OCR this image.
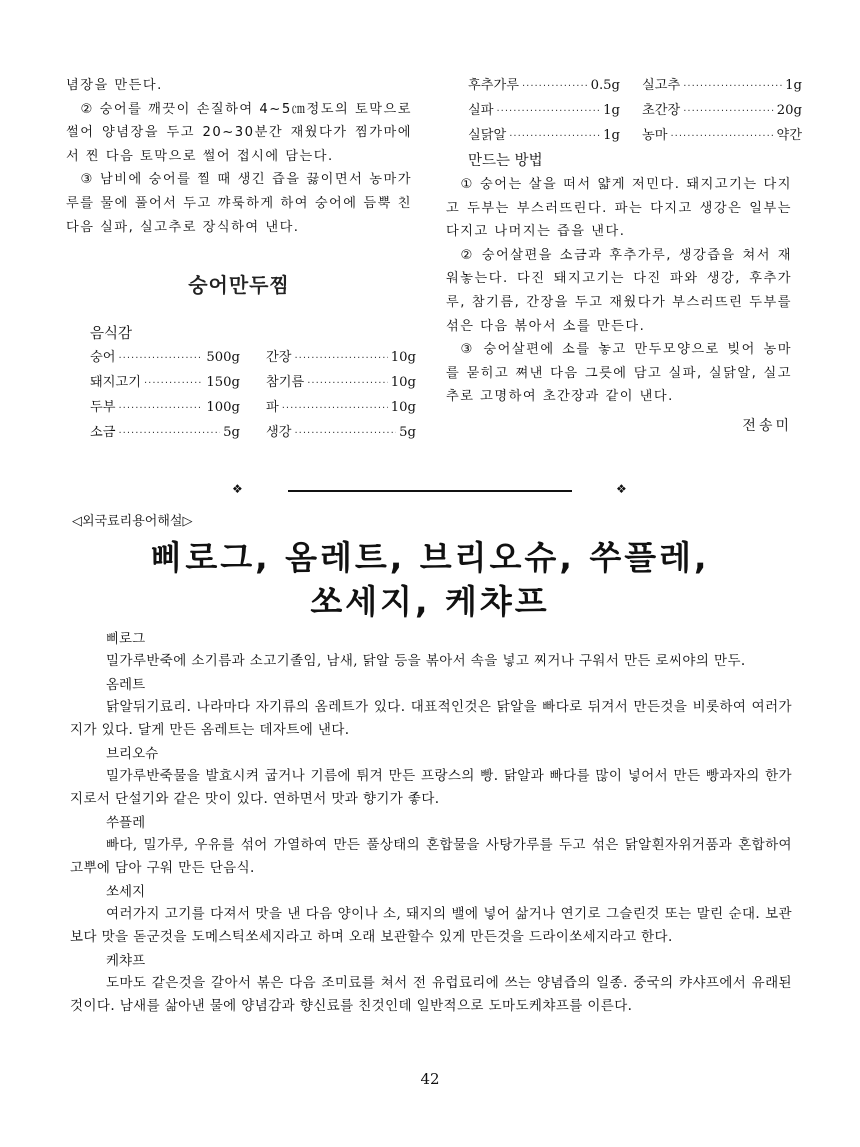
념장을 만든다.

② 숭어를 깨끗이 손질하여 4~5㎝정도의 토막으로 썰어 양념장을 두고 20~30분간 재웠다가 찜가마에서 찐 다음 토막으로 썰어 접시에 담는다.

③ 남비에 숭어를 찔 때 생긴 즙을 끓이면서 농마가루를 물에 풀어서 두고 꺄룩하게 하여 숭어에 듬뿍 친 다음 실파, 실고추로 장식하여 낸다.

숭어만두찜
음식감
숭어 ·····	500g 간장 ·····	10g
돼지고기 ·····	150g 참기름 ·····	10g
두부 ·····	100g 파 ·····	10g
소금 ·····	5g 생강 ·····	5g
후추가루 ·····	0.5g 실고추 ·····	1g
실파 ·····	1g 초간장 ·····	20g
실닭알 ·····	1g 농마 ·····	약간
만드는 방법

① 숭어는 살을 떠서 얇게 저민다. 돼지고기는 다지고 두부는 부스러뜨린다. 파는 다지고 생강은 일부는 다지고 나머지는 즙을 낸다.

② 숭어살편을 소금과 후추가루, 생강즙을 쳐서 재워놓는다. 다진 돼지고기는 다진 파와 생강, 후추가루, 참기름, 간장을 두고 재웠다가 부스러뜨린 두부를 섞은 다음 볶아서 소를 만든다.

③ 숭어살편에 소를 놓고 만두모양으로 빚어 농마를 묻히고 쪄낸 다음 그릇에 담고 실파, 실닭알, 실고추로 고명하여 초간장과 같이 낸다.

전송미
❖	❖
◁외국료리용어해설▷
삐로그, 옴레트, 브리오슈, 쑤플레,
쏘세지, 케챠프
삐로그

밀가루반죽에 소기름과 소고기졸임, 남새, 닭알 등을 볶아서 속을 넣고 찌거나 구워서 만든 로씨야의 만두.

옴레트

닭알뒤기료리. 나라마다 자기류의 옴레트가 있다. 대표적인것은 닭알을 빠다로 뒤겨서 만든것을 비롯하여 여러가지가 있다. 달게 만든 옴레트는 데자트에 낸다.

브리오슈

밀가루반죽물을 발효시켜 굽거나 기름에 튀겨 만든 프랑스의 빵. 닭알과 빠다를 많이 넣어서 만든 빵과자의 한가지로서 단설기와 같은 맛이 있다. 연하면서 맛과 향기가 좋다.

쑤플레

빠다, 밀가루, 우유를 섞어 가열하여 만든 풀상태의 혼합물을 사탕가루를 두고 섞은 닭알흰자위거품과 혼합하여 고뿌에 담아 구워 만든 단음식.

쏘세지

여러가지 고기를 다져서 맛을 낸 다음 양이나 소, 돼지의 밸에 넣어 삶거나 연기로 그슬린것 또는 말린 순대. 보관보다 맛을 돋군것을 도메스틱쏘세지라고 하며 오래 보관할수 있게 만든것을 드라이쏘세지라고 한다.

케챠프

도마도 같은것을 갈아서 볶은 다음 조미료를 쳐서 전 유럽료리에 쓰는 양념즙의 일종. 중국의 캬샤프에서 유래된것이다. 남새를 삶아낸 물에 양념감과 향신료를 친것인데 일반적으로 도마도케챠프를 이른다.

42
